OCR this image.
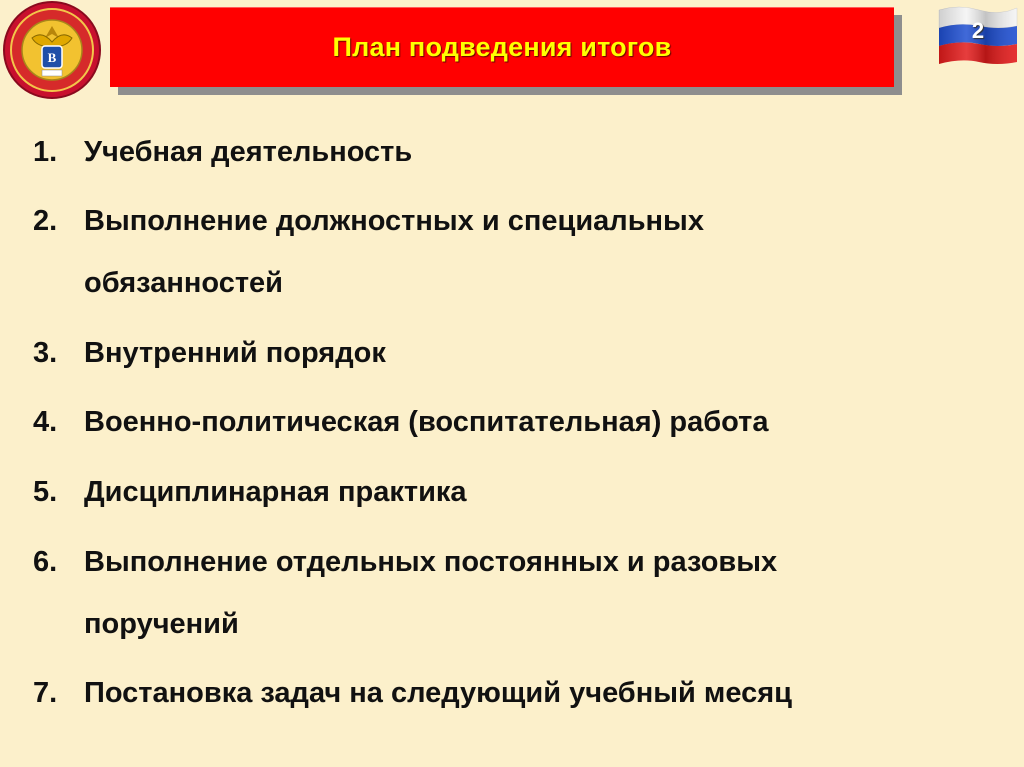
B	План подведения итогов
2
1. Учебная деятельность
2. Выполнение должностных и специальных
обязанностей
3. Внутренний порядок
4. Военно-политическая (воспитательная) работа
5. Дисциплинарная практика
6. Выполнение отдельных постоянных и разовых
поручений
7. Постановка задач на следующий учебный месяц
